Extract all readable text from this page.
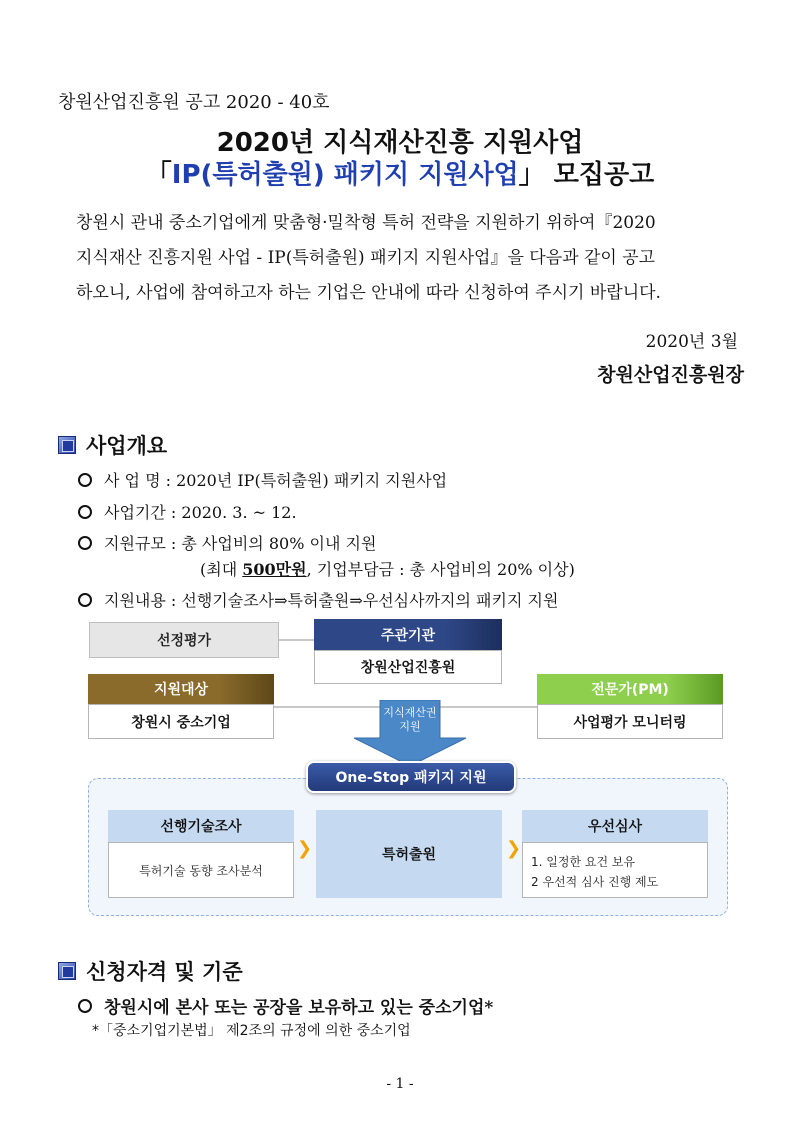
창원산업진흥원 공고 2020 - 40호
2020년 지식재산진흥 지원사업
「IP(특허출원) 패키지 지원사업」 모집공고
창원시 관내 중소기업에게 맞춤형·밀착형 특허 전략을 지원하기 위하여『2020
지식재산 진흥지원 사업 - IP(특허출원) 패키지 지원사업』을 다음과 같이 공고
하오니, 사업에 참여하고자 하는 기업은 안내에 따라 신청하여 주시기 바랍니다.
2020년 3월
창원산업진흥원장
사업개요
사 업 명 : 2020년 IP(특허출원) 패키지 지원사업
사업기간 : 2020. 3. ~ 12.
지원규모 : 총 사업비의 80% 이내 지원
(최대 500만원, 기업부담금 : 총 사업비의 20% 이상)
지원내용 : 선행기술조사⇒특허출원⇒우선심사까지의 패키지 지원
선정평가	주관기관
창원산업진흥원
지원대상
창원시 중소기업
전문가(PM)
사업평가 모니터링
지식재산권
지원
One-Stop 패키지 지원
선행기술조사
특허기술 동향 조사분석
❯	특허출원	❯
우선심사
1. 일정한 요건 보유
2 우선적 심사 진행 제도
신청자격 및 기준
창원시에 본사 또는 공장을 보유하고 있는 중소기업*
*「중소기업기본법」 제2조의 규정에 의한 중소기업
- 1 -
